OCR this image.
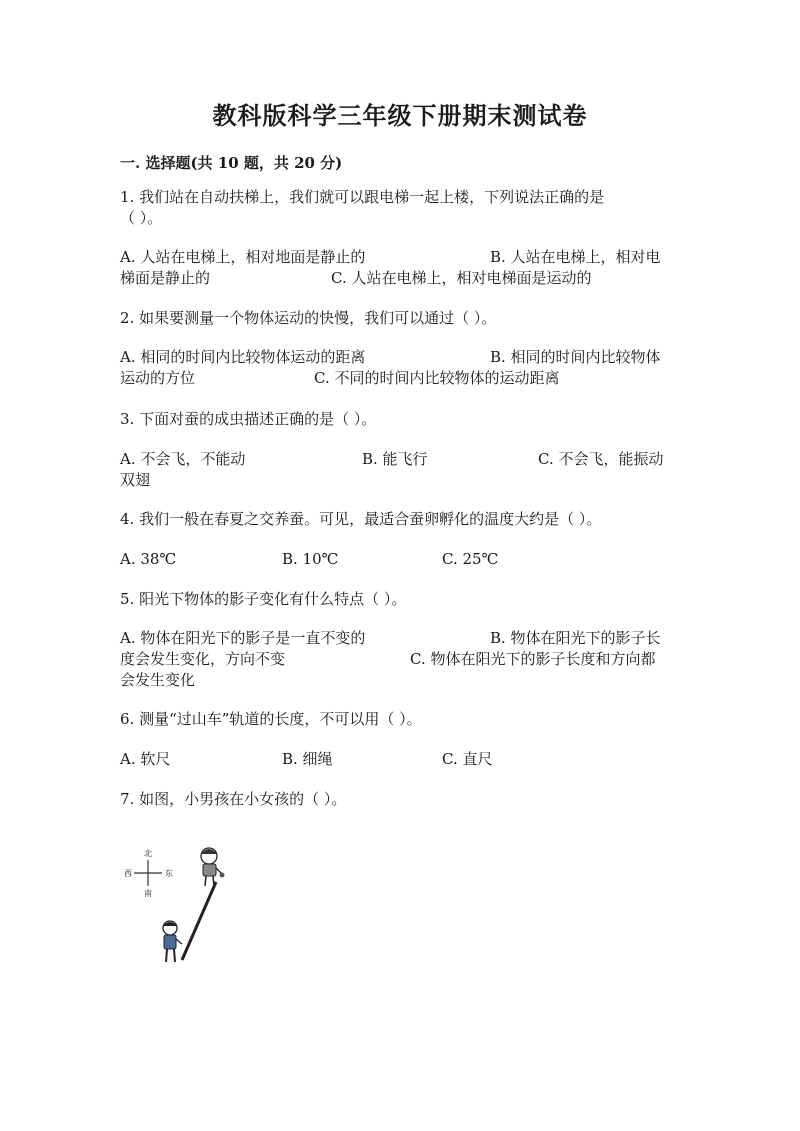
教科版科学三年级下册期末测试卷

一. 选择题(共 10 题，共 20 分)

1. 我们站在自动扶梯上，我们就可以跟电梯一起上楼，下列说法正确的是
（ ）。

A. 人站在电梯上，相对地面是静止的	B. 人站在电梯上，相对电
梯面是静止的	C. 人站在电梯上，相对电梯面是运动的

2. 如果要测量一个物体运动的快慢，我们可以通过（ ）。

A. 相同的时间内比较物体运动的距离	B. 相同的时间内比较物体
运动的方位	C. 不同的时间内比较物体的运动距离

3. 下面对蚕的成虫描述正确的是（ ）。

A. 不会飞，不能动	B. 能飞行	C. 不会飞，能振动
双翅

4. 我们一般在春夏之交养蚕。可见，最适合蚕卵孵化的温度大约是（ ）。

A. 38℃	B. 10℃	C. 25℃

5. 阳光下物体的影子变化有什么特点（ ）。

A. 物体在阳光下的影子是一直不变的	B. 物体在阳光下的影子长
度会发生变化，方向不变	C. 物体在阳光下的影子长度和方向都
会发生变化

6. 测量“过山车”轨道的长度，不可以用（ ）。

A. 软尺	B. 细绳	C. 直尺

7. 如图，小男孩在小女孩的（ ）。

北
南
东
西
